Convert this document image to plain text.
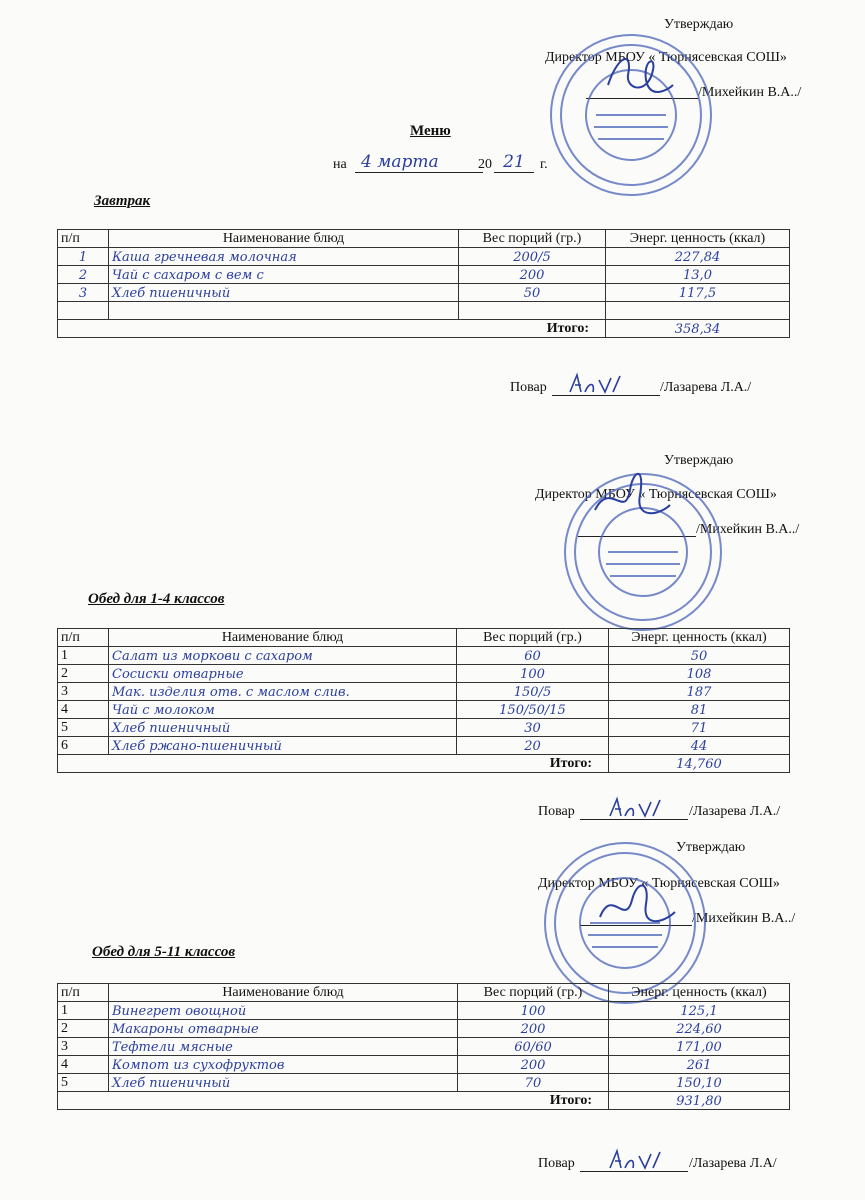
Утверждаю
Директор МБОУ « Тюрнясевская СОШ»
/Михейкин В.А../
Меню
на 4 марта	20 21	г.
Завтрак
п/п	Наименование блюд	Вес порций (гр.)	Энерг. ценность (ккал)
1	Каша гречневая молочная	200/5	227,84
2	Чай с сахаром с вем с	200	13,0
3	Хлеб пшеничный	50	117,5

Итого:			358,34
Повар	/Лазарева Л.А./
Утверждаю
Директор МБОУ « Тюрнясевская СОШ»
/Михейкин В.А../
Обед для 1-4 классов
п/п	Наименование блюд	Вес порций (гр.)	Энерг. ценность (ккал)
1	Салат из моркови с сахаром	60	50
2	Сосиски отварные	100	108
3	Мак. изделия отв. с маслом слив.	150/5	187
4	Чай с молоком	150/50/15	81
5	Хлеб пшеничный	30	71
6	Хлеб ржано-пшеничный	20	44
Итого:			14,760
Повар	/Лазарева Л.А./
Утверждаю
Директор МБОУ « Тюрнясевская СОШ»
/Михейкин В.А../
Обед для 5-11 классов
п/п	Наименование блюд	Вес порций (гр.)	Энерг. ценность (ккал)
1	Винегрет овощной	100	125,1
2	Макароны отварные	200	224,60
3	Тефтели мясные	60/60	171,00
4	Компот из сухофруктов	200	261
5	Хлеб пшеничный	70	150,10
Итого:			931,80
Повар	/Лазарева Л.А/
